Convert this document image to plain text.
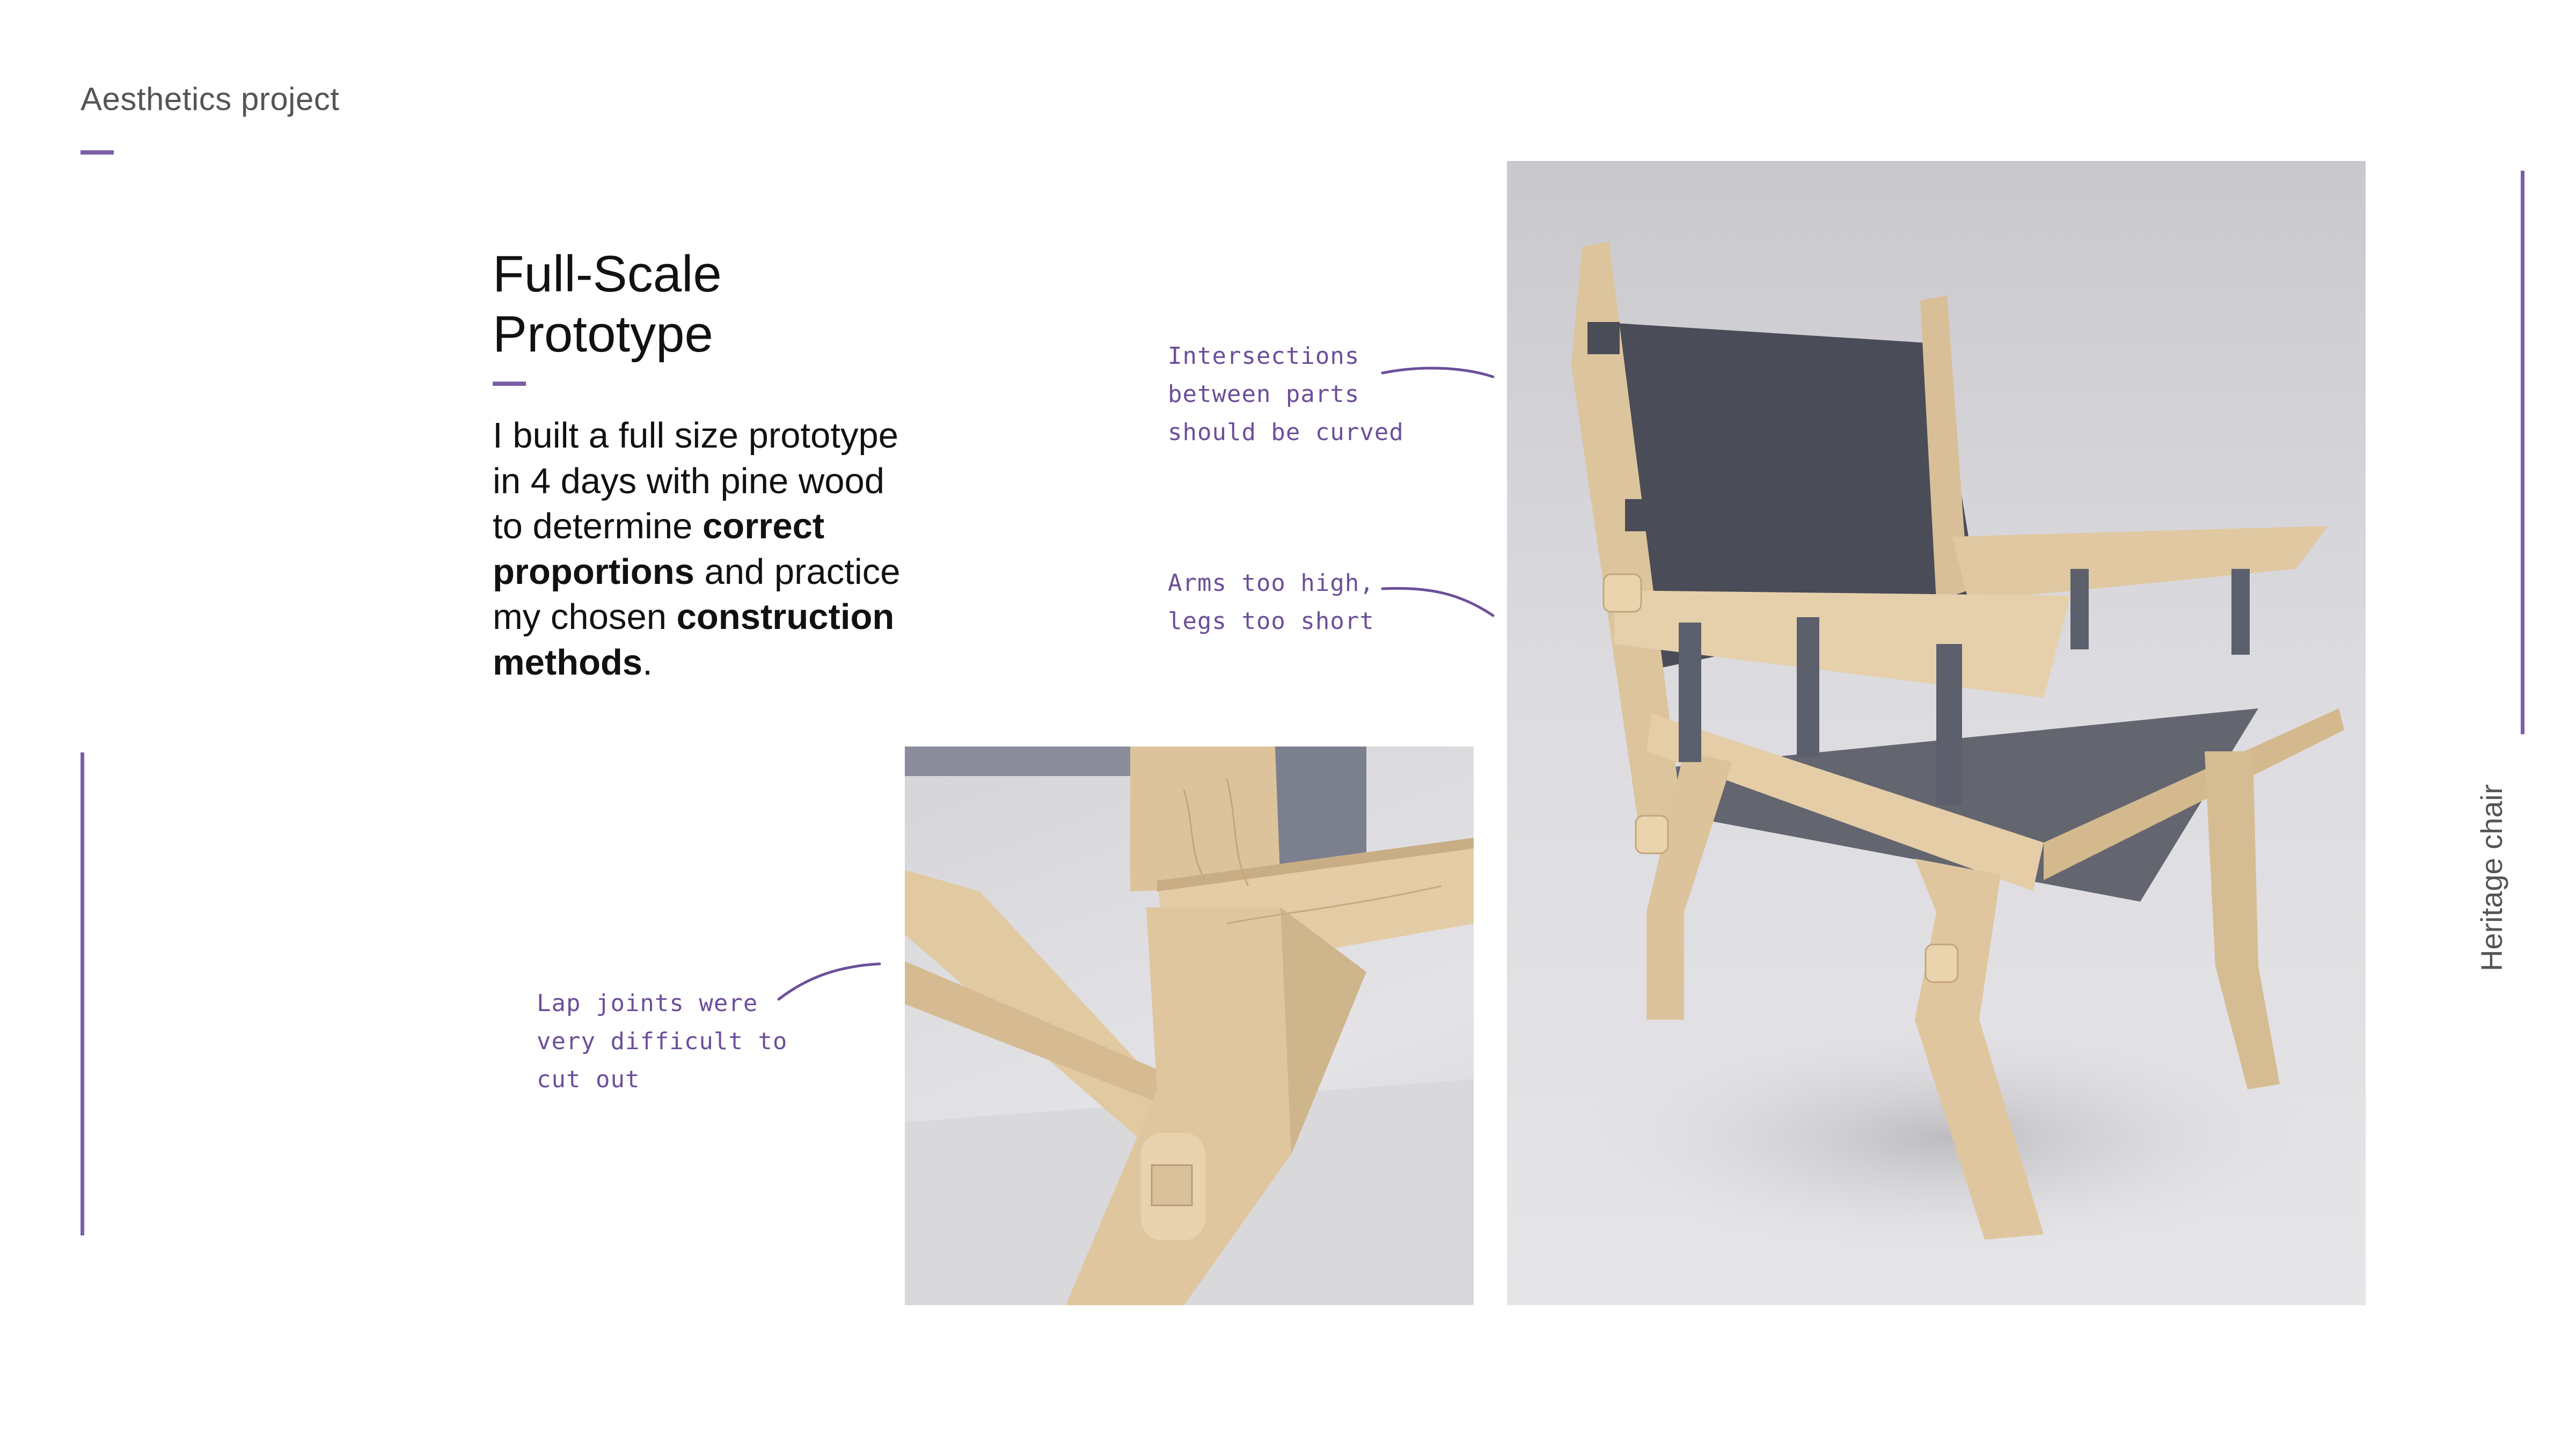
Aesthetics project
Heritage chair
Full-Scale
Prototype
I built a full size prototype in 4 days with pine wood to determine correct proportions and practice my chosen construction methods.
Intersections
between parts
should be curved
Arms too high,
legs too short
Lap joints were
very difficult to
cut out
